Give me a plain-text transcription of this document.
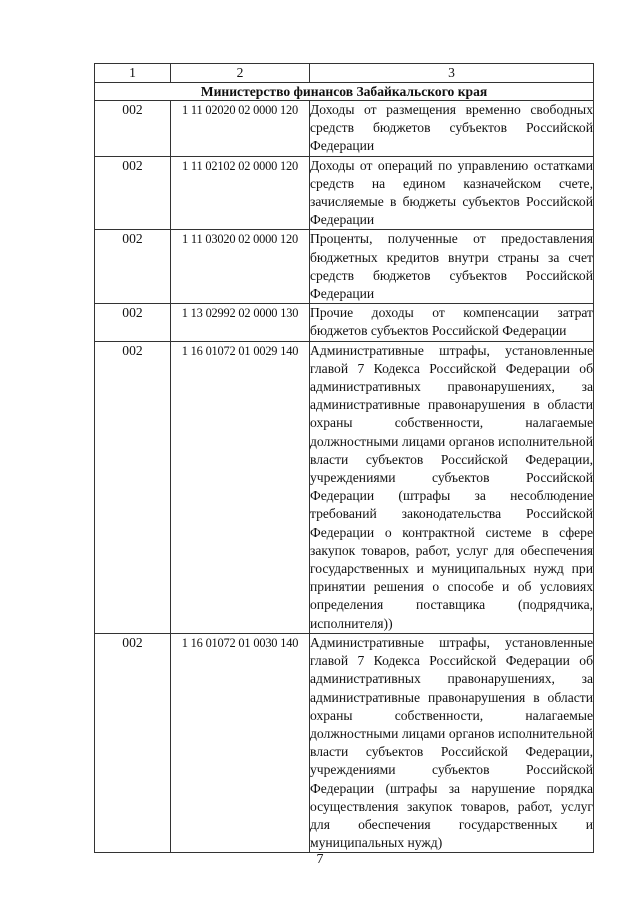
1	2	3
Министерство финансов Забайкальского края		
002	1 11 02020 02 0000 120	Доходы от размещения временно свободных средств бюджетов субъектов Российской Федерации
002	1 11 02102 02 0000 120	Доходы от операций по управлению остатками средств на едином казначейском счете, зачисляемые в бюджеты субъектов Российской Федерации
002	1 11 03020 02 0000 120	Проценты, полученные от предоставления бюджетных кредитов внутри страны за счет средств бюджетов субъектов Российской Федерации
002	1 13 02992 02 0000 130	Прочие доходы от компенсации затрат бюджетов субъектов Российской Федерации
002	1 16 01072 01 0029 140	Административные штрафы, установленные главой 7 Кодекса Российской Федерации об административных правонарушениях, за административные правонарушения в области охраны собственности, налагаемые должностными лицами органов исполнительной власти субъектов Российской Федерации, учреждениями субъектов Российской Федерации (штрафы за несоблюдение требований законодательства Российской Федерации о контрактной системе в сфере закупок товаров, работ, услуг для обеспечения государственных и муниципальных нужд при принятии решения о способе и об условиях определения поставщика (подрядчика, исполнителя))
002	1 16 01072 01 0030 140	Административные штрафы, установленные главой 7 Кодекса Российской Федерации об административных правонарушениях, за административные правонарушения в области охраны собственности, налагаемые должностными лицами органов исполнительной власти субъектов Российской Федерации, учреждениями субъектов Российской Федерации (штрафы за нарушение порядка осуществления закупок товаров, работ, услуг для обеспечения государственных и муниципальных нужд)
7
